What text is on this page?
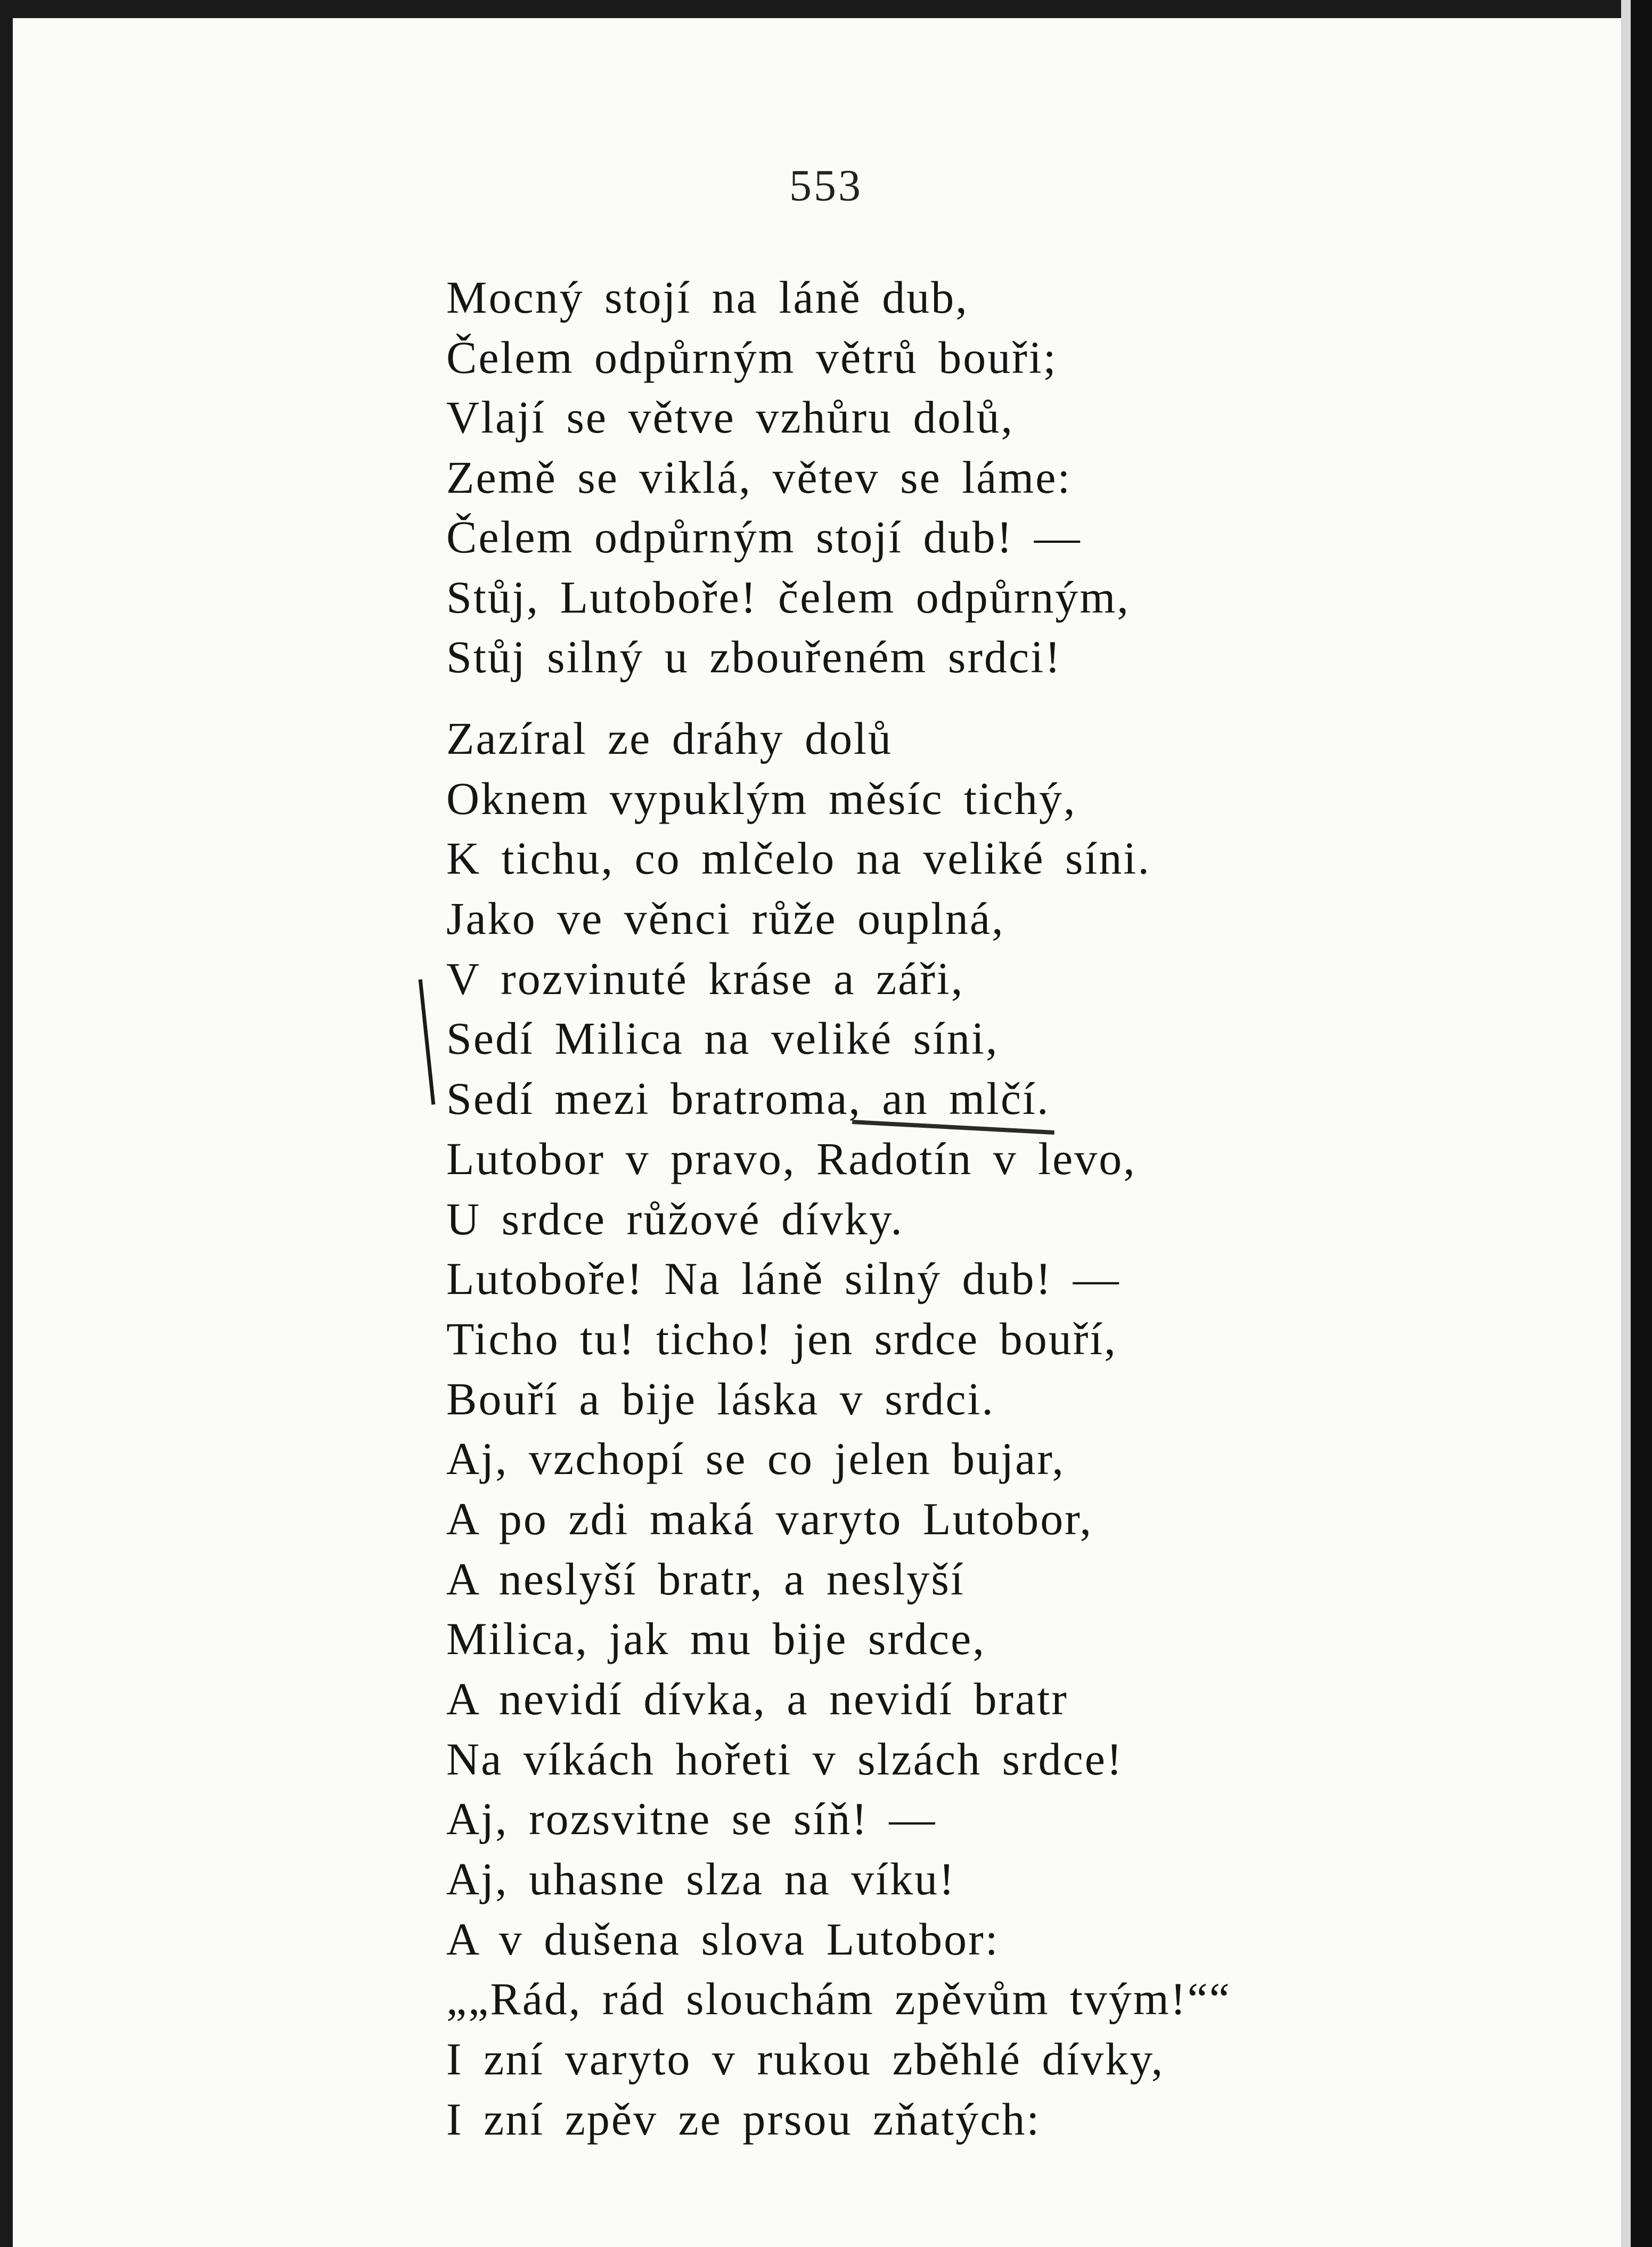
553
Mocný stojí na láně dub,
Čelem odpůrným větrů bouři;
Vlají se větve vzhůru dolů,
Země se viklá, větev se láme:
Čelem odpůrným stojí dub! —
Stůj, Lutoboře! čelem odpůrným,
Stůj silný u zbouřeném srdci!
Zazíral ze dráhy dolů
Oknem vypuklým měsíc tichý,
K tichu, co mlčelo na veliké síni.
Jako ve věnci růže ouplná,
V rozvinuté kráse a záři,
Sedí Milica na veliké síni,
Sedí mezi bratroma, an mlčí.
Lutobor v pravo, Radotín v levo,
U srdce růžové dívky.
Lutoboře! Na láně silný dub! —
Ticho tu! ticho! jen srdce bouří,
Bouří a bije láska v srdci.
Aj, vzchopí se co jelen bujar,
A po zdi maká varyto Lutobor,
A neslyší bratr, a neslyší
Milica, jak mu bije srdce,
A nevidí dívka, a nevidí bratr
Na víkách hořeti v slzách srdce!
Aj, rozsvitne se síň! —
Aj, uhasne slza na víku!
A v dušena slova Lutobor:
„„Rád, rád slouchám zpěvům tvým!““
I zní varyto v rukou zběhlé dívky,
I zní zpěv ze prsou zňatých:
